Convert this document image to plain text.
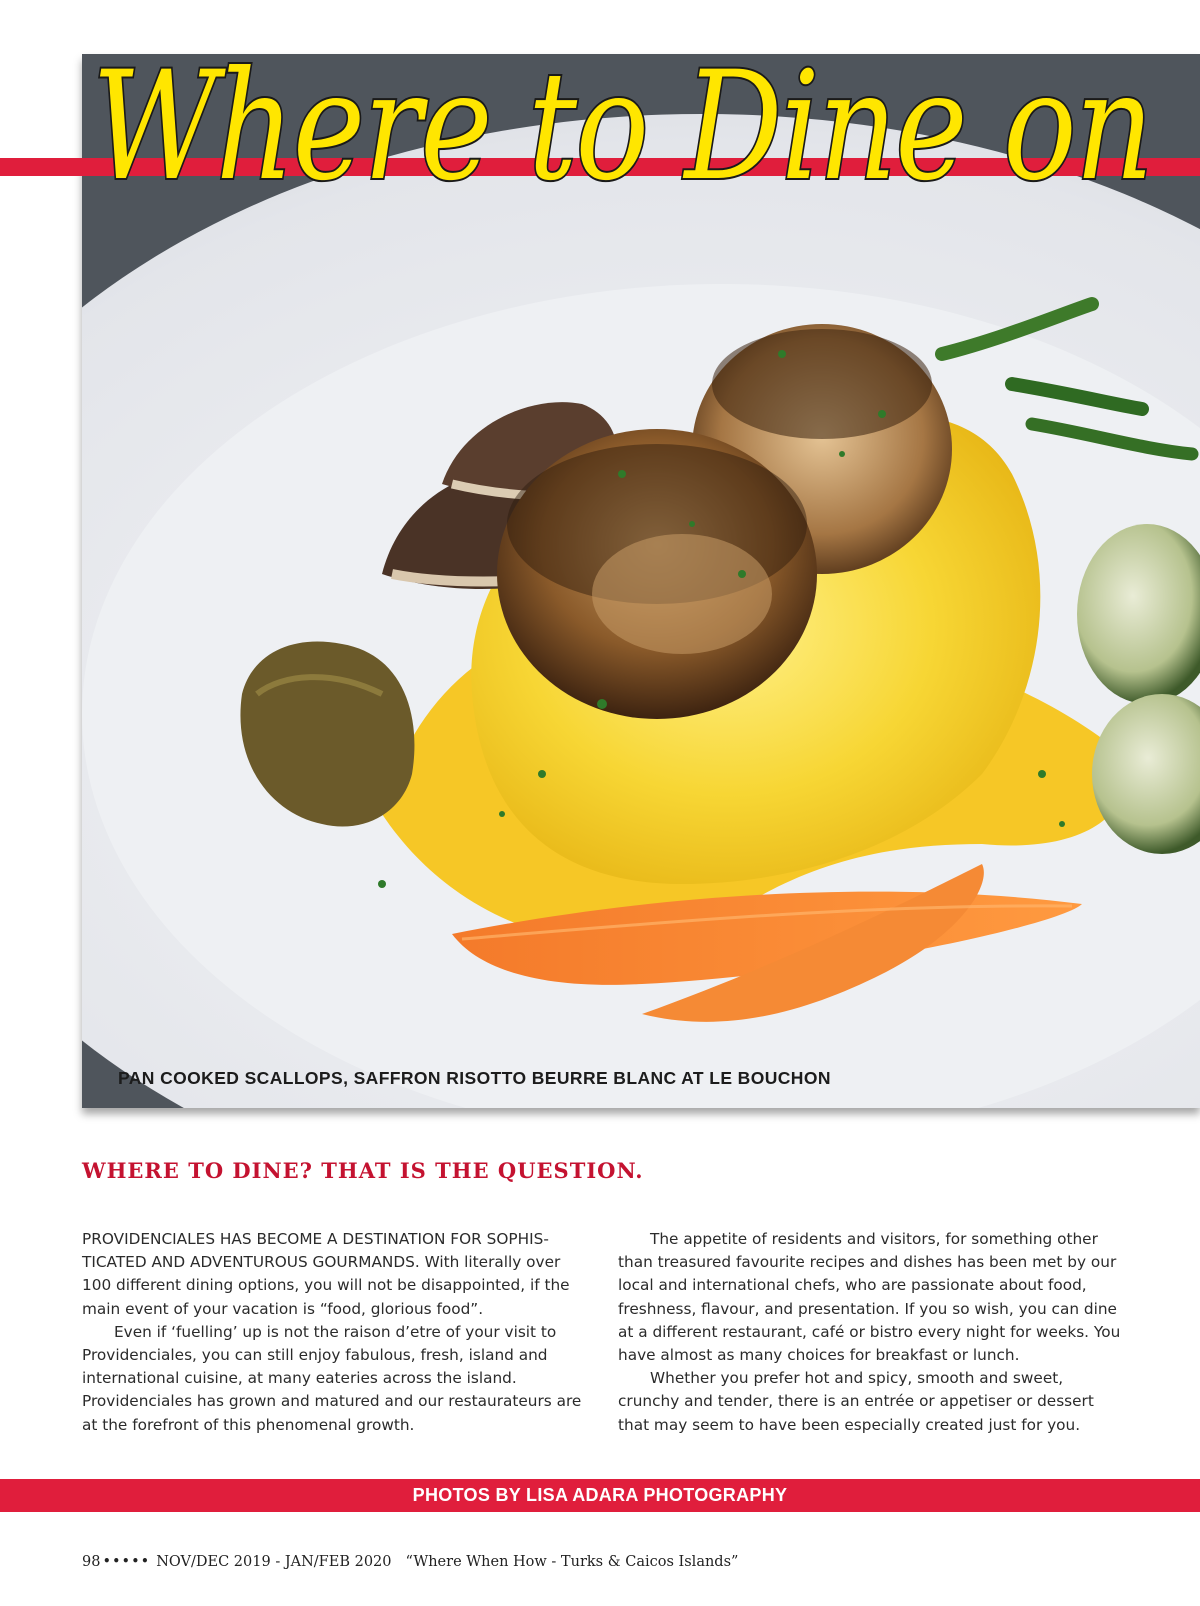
Where to Dine on
PAN COOKED SCALLOPS, SAFFRON RISOTTO BEURRE BLANC AT LE BOUCHON
WHERE TO DINE? THAT IS THE QUESTION.

PROVIDENCIALES HAS BECOME A DESTINATION FOR SOPHIS-TICATED AND ADVENTUROUS GOURMANDS. With literally over 100 different dining options, you will not be disappointed, if the main event of your vacation is “food, glorious food”.

Even if ‘fuelling’ up is not the raison d’etre of your visit to Providenciales, you can still enjoy fabulous, fresh, island and international cuisine, at many eateries across the island. Providenciales has grown and matured and our restaurateurs are at the forefront of this phenomenal growth.

The appetite of residents and visitors, for something other than treasured favourite recipes and dishes has been met by our local and international chefs, who are passionate about food, freshness, flavour, and presentation. If you so wish, you can dine at a different restaurant, café or bistro every night for weeks. You have almost as many choices for breakfast or lunch.

Whether you prefer hot and spicy, smooth and sweet, crunchy and tender, there is an entrée or appetiser or dessert that may seem to have been especially created just for you.

PHOTOS BY LISA ADARA PHOTOGRAPHY
98 ••••• NOV/DEC 2019 - JAN/FEB 2020 “Where When How - Turks & Caicos Islands”
